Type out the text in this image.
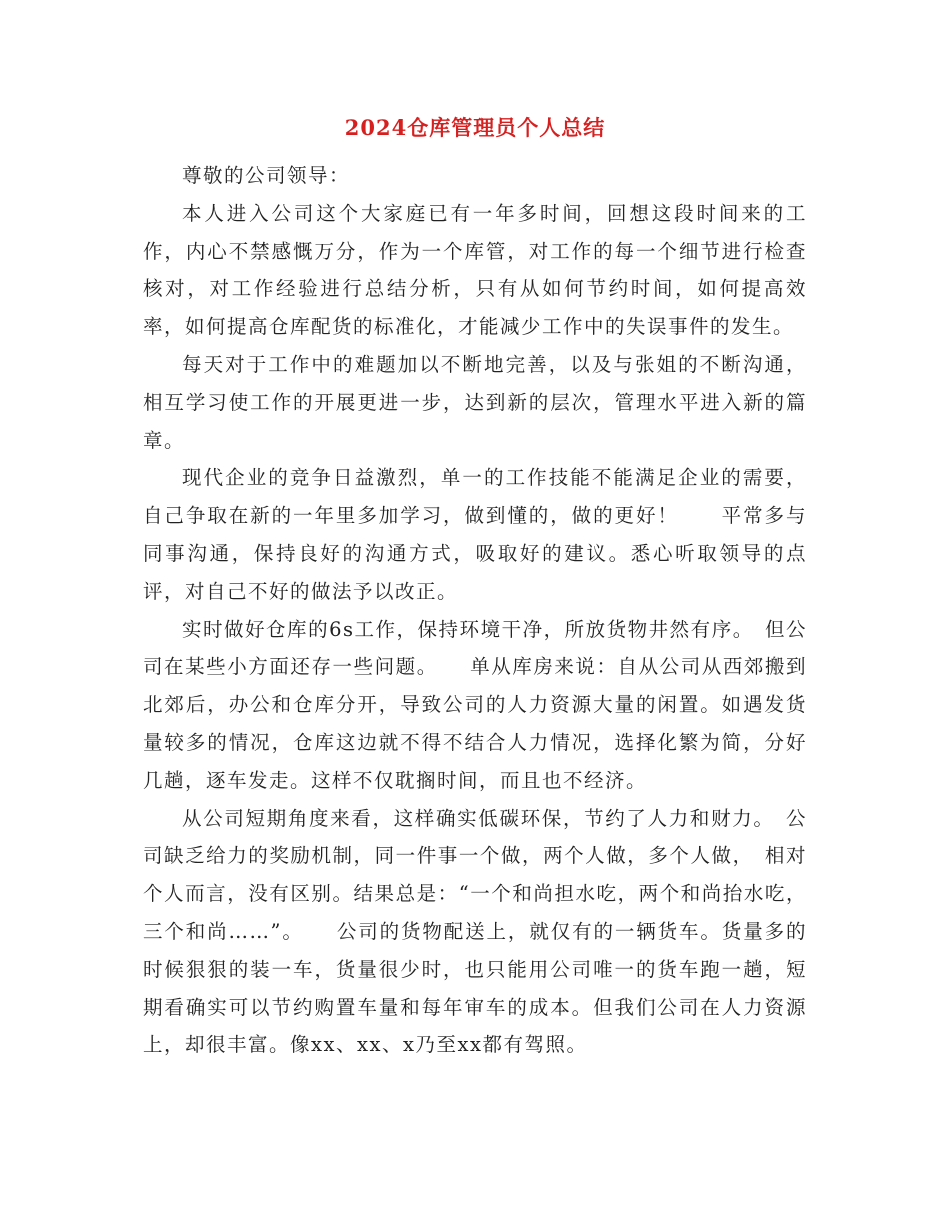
2024仓库管理员个人总结

尊敬的公司领导：

本人进入公司这个大家庭已有一年多时间，回想这段时间来的工作，内心不禁感慨万分，作为一个库管，对工作的每一个细节进行检查核对，对工作经验进行总结分析，只有从如何节约时间，如何提高效率，如何提高仓库配货的标准化，才能减少工作中的失误事件的发生。

每天对于工作中的难题加以不断地完善，以及与张姐的不断沟通，相互学习使工作的开展更进一步，达到新的层次，管理水平进入新的篇章。

现代企业的竞争日益激烈，单一的工作技能不能满足企业的需要，自己争取在新的一年里多加学习，做到懂的，做的更好！　　平常多与同事沟通，保持良好的沟通方式，吸取好的建议。悉心听取领导的点评，对自己不好的做法予以改正。

实时做好仓库的6s工作，保持环境干净，所放货物井然有序。　但公司在某些小方面还存一些问题。　　单从库房来说：自从公司从西郊搬到北郊后，办公和仓库分开，导致公司的人力资源大量的闲置。如遇发货量较多的情况，仓库这边就不得不结合人力情况，选择化繁为简，分好几趟，逐车发走。这样不仅耽搁时间，而且也不经济。

从公司短期角度来看，这样确实低碳环保，节约了人力和财力。　公司缺乏给力的奖励机制，同一件事一个做，两个人做，多个人做，　相对个人而言，没有区别。结果总是：“一个和尚担水吃，两个和尚抬水吃，三个和尚……”。　　公司的货物配送上，就仅有的一辆货车。货量多的时候狠狠的装一车，货量很少时，也只能用公司唯一的货车跑一趟，短期看确实可以节约购置车量和每年审车的成本。但我们公司在人力资源上，却很丰富。像xx、xx、x乃至xx都有驾照。
